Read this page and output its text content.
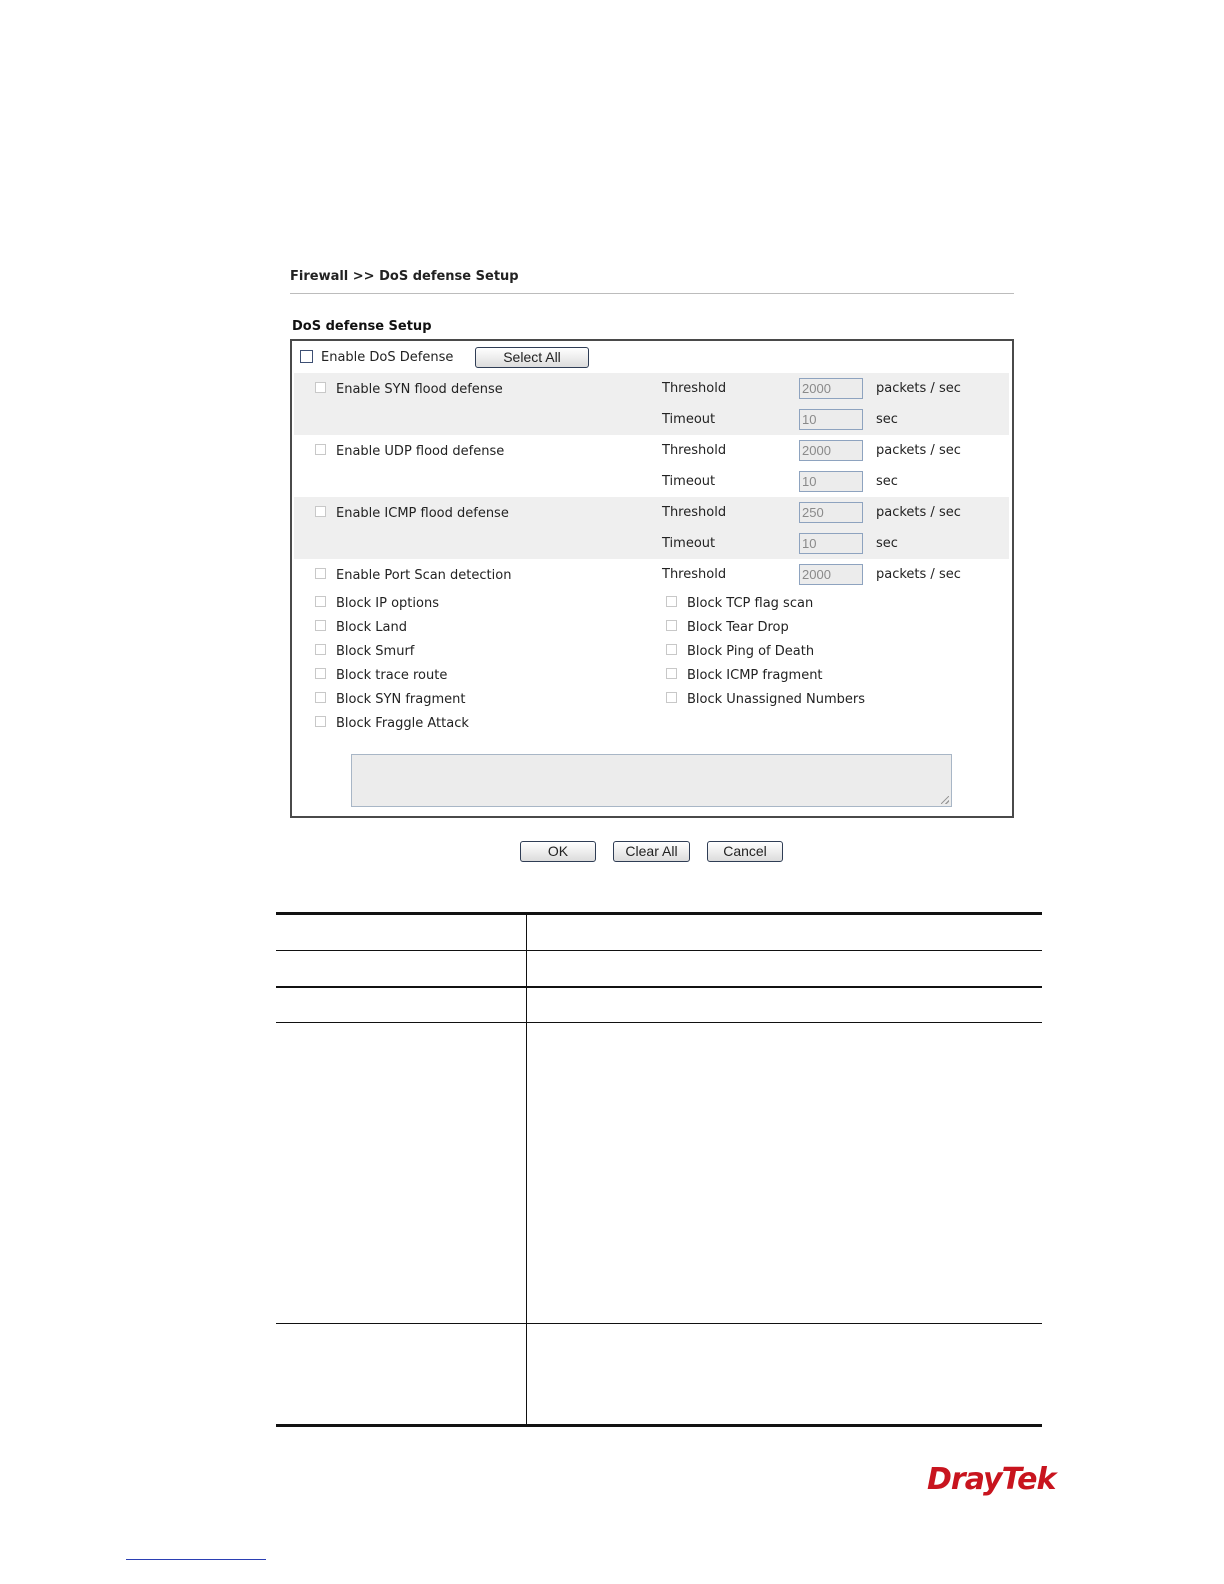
Firewall >> DoS defense Setup
DoS defense Setup
Enable DoS Defense	Select All
Enable SYN flood defense	Threshold	2000	packets / sec
Timeout	10	sec
Enable UDP flood defense	Threshold	2000	packets / sec
Timeout	10	sec
Enable ICMP flood defense	Threshold	250	packets / sec
Timeout	10	sec
Enable Port Scan detection	Threshold	2000	packets / sec
Block IP options
Block Land
Block Smurf
Block trace route
Block SYN fragment
Block Fraggle Attack
Block TCP flag scan
Block Tear Drop
Block Ping of Death
Block ICMP fragment
Block Unassigned Numbers
OK	Clear All	Cancel
DrayTek
